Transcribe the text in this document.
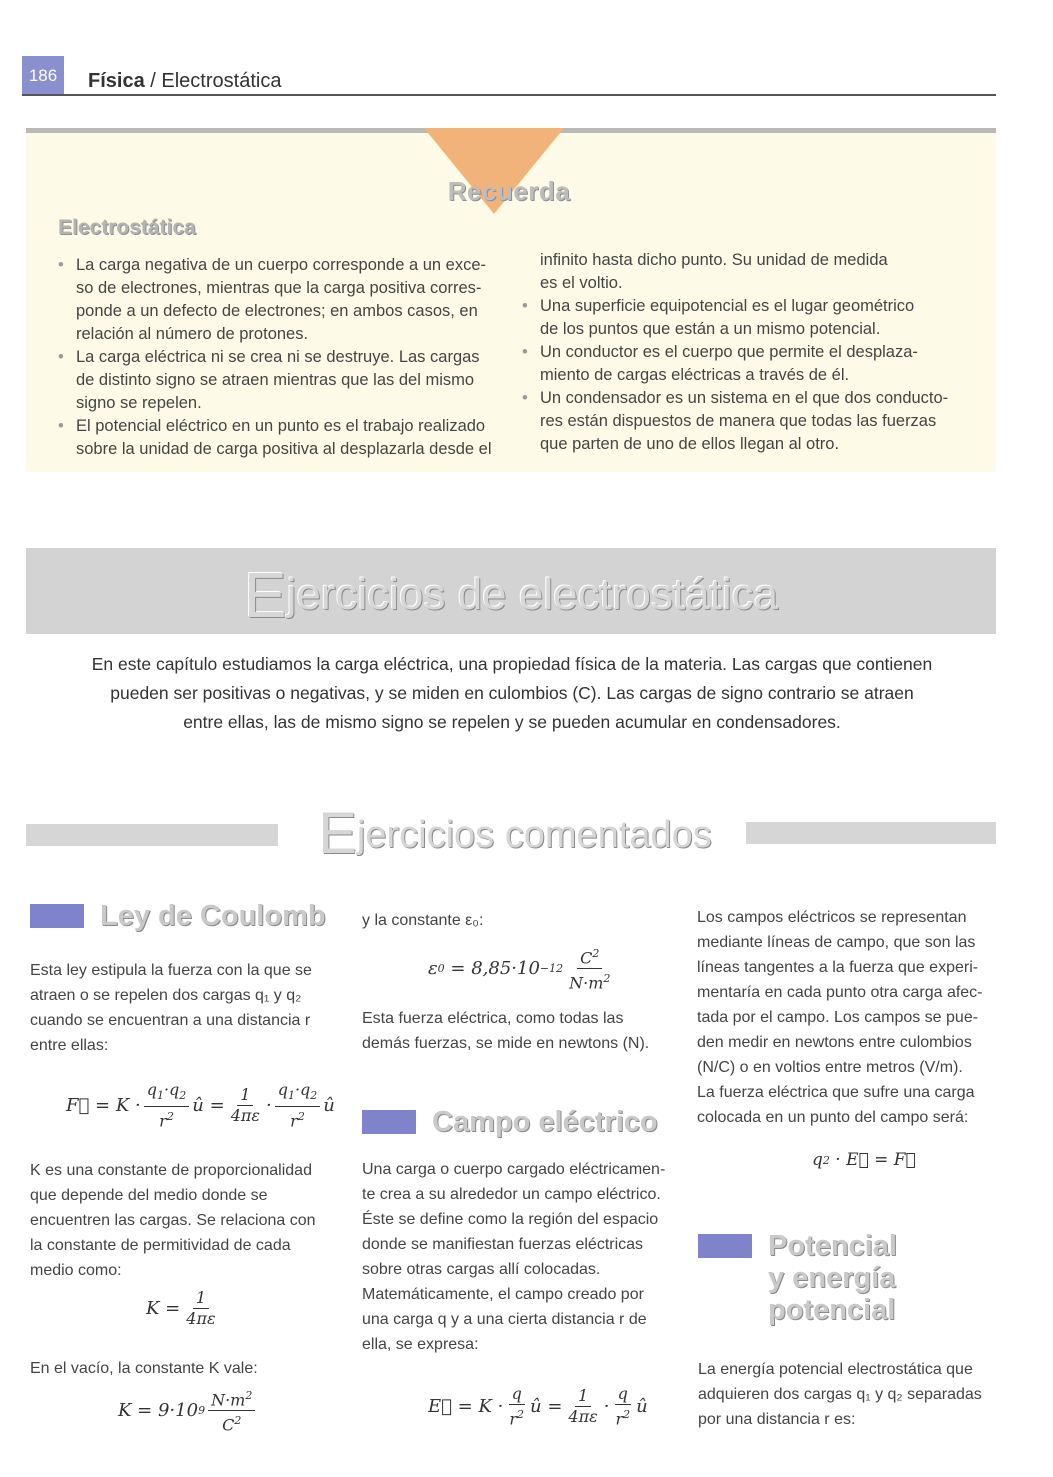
186	Física / Electrostática
Recuerda
Electrostática
• La carga negativa de un cuerpo corresponde a un exce-
so de electrones, mientras que la carga positiva corres-
ponde a un defecto de electrones; en ambos casos, en
relación al número de protones.
• La carga eléctrica ni se crea ni se destruye. Las cargas
de distinto signo se atraen mientras que las del mismo
signo se repelen.
• El potencial eléctrico en un punto es el trabajo realizado
sobre la unidad de carga positiva al desplazarla desde el
infinito hasta dicho punto. Su unidad de medida
es el voltio.
• Una superficie equipotencial es el lugar geométrico
de los puntos que están a un mismo potencial.
• Un conductor es el cuerpo que permite el desplaza-
miento de cargas eléctricas a través de él.
• Un condensador es un sistema en el que dos conducto-
res están dispuestos de manera que todas las fuerzas
que parten de uno de ellos llegan al otro.
Ejercicios de electrostática
En este capítulo estudiamos la carga eléctrica, una propiedad física de la materia. Las cargas que contienen
pueden ser positivas o negativas, y se miden en culombios (C). Las cargas de signo contrario se atraen
entre ellas, las de mismo signo se repelen y se pueden acumular en condensadores.
Ejercicios comentados
Ley de Coulomb
Esta ley estipula la fuerza con la que se
atraen o se repelen dos cargas q₁ y q₂
cuando se encuentran a una distancia r
entre ellas:
F⃗ = $K \cdot \frac{q_1\cdot q_2}{r^2}$ û = $\frac{1}{4\pi\varepsilon} \cdot \frac{q_1\cdot q_2}{r^2}$ û
K es una constante de proporcionalidad
que depende del medio donde se
encuentren las cargas. Se relaciona con
la constante de permitividad de cada
medio como:
$K = \frac{1}{4\pi\varepsilon}$
En el vacío, la constante K vale:
K = 9·10 $9 \frac{N\cdot m^2}{C^2}$
y la constante ε₀:
ε $0 = 8,85\cdot 10 -12 \frac{C^2}{N\cdot m^2}$
Esta fuerza eléctrica, como todas las
demás fuerzas, se mide en newtons (N).
Campo eléctrico
Una carga o cuerpo cargado eléctricamen-
te crea a su alrededor un campo eléctrico.
Éste se define como la región del espacio
donde se manifiestan fuerzas eléctricas
sobre otras cargas allí colocadas.
Matemáticamente, el campo creado por
una carga q y a una cierta distancia r de
ella, se expresa:
E⃗ = $K \cdot \frac{q}{r^2}$ û = $\frac{1}{4\pi\varepsilon} \cdot \frac{q}{r^2}$ û
Los campos eléctricos se representan
mediante líneas de campo, que son las
líneas tangentes a la fuerza que experi-
mentaría en cada punto otra carga afec-
tada por el campo. Los campos se pue-
den medir en newtons entre culombios
(N/C) o en voltios entre metros (V/m).
La fuerza eléctrica que sufre una carga
colocada en un punto del campo será:
q 2 · E⃗ = F⃗
Potencial
y energía
potencial
La energía potencial electrostática que
adquieren dos cargas q₁ y q₂ separadas
por una distancia r es:
